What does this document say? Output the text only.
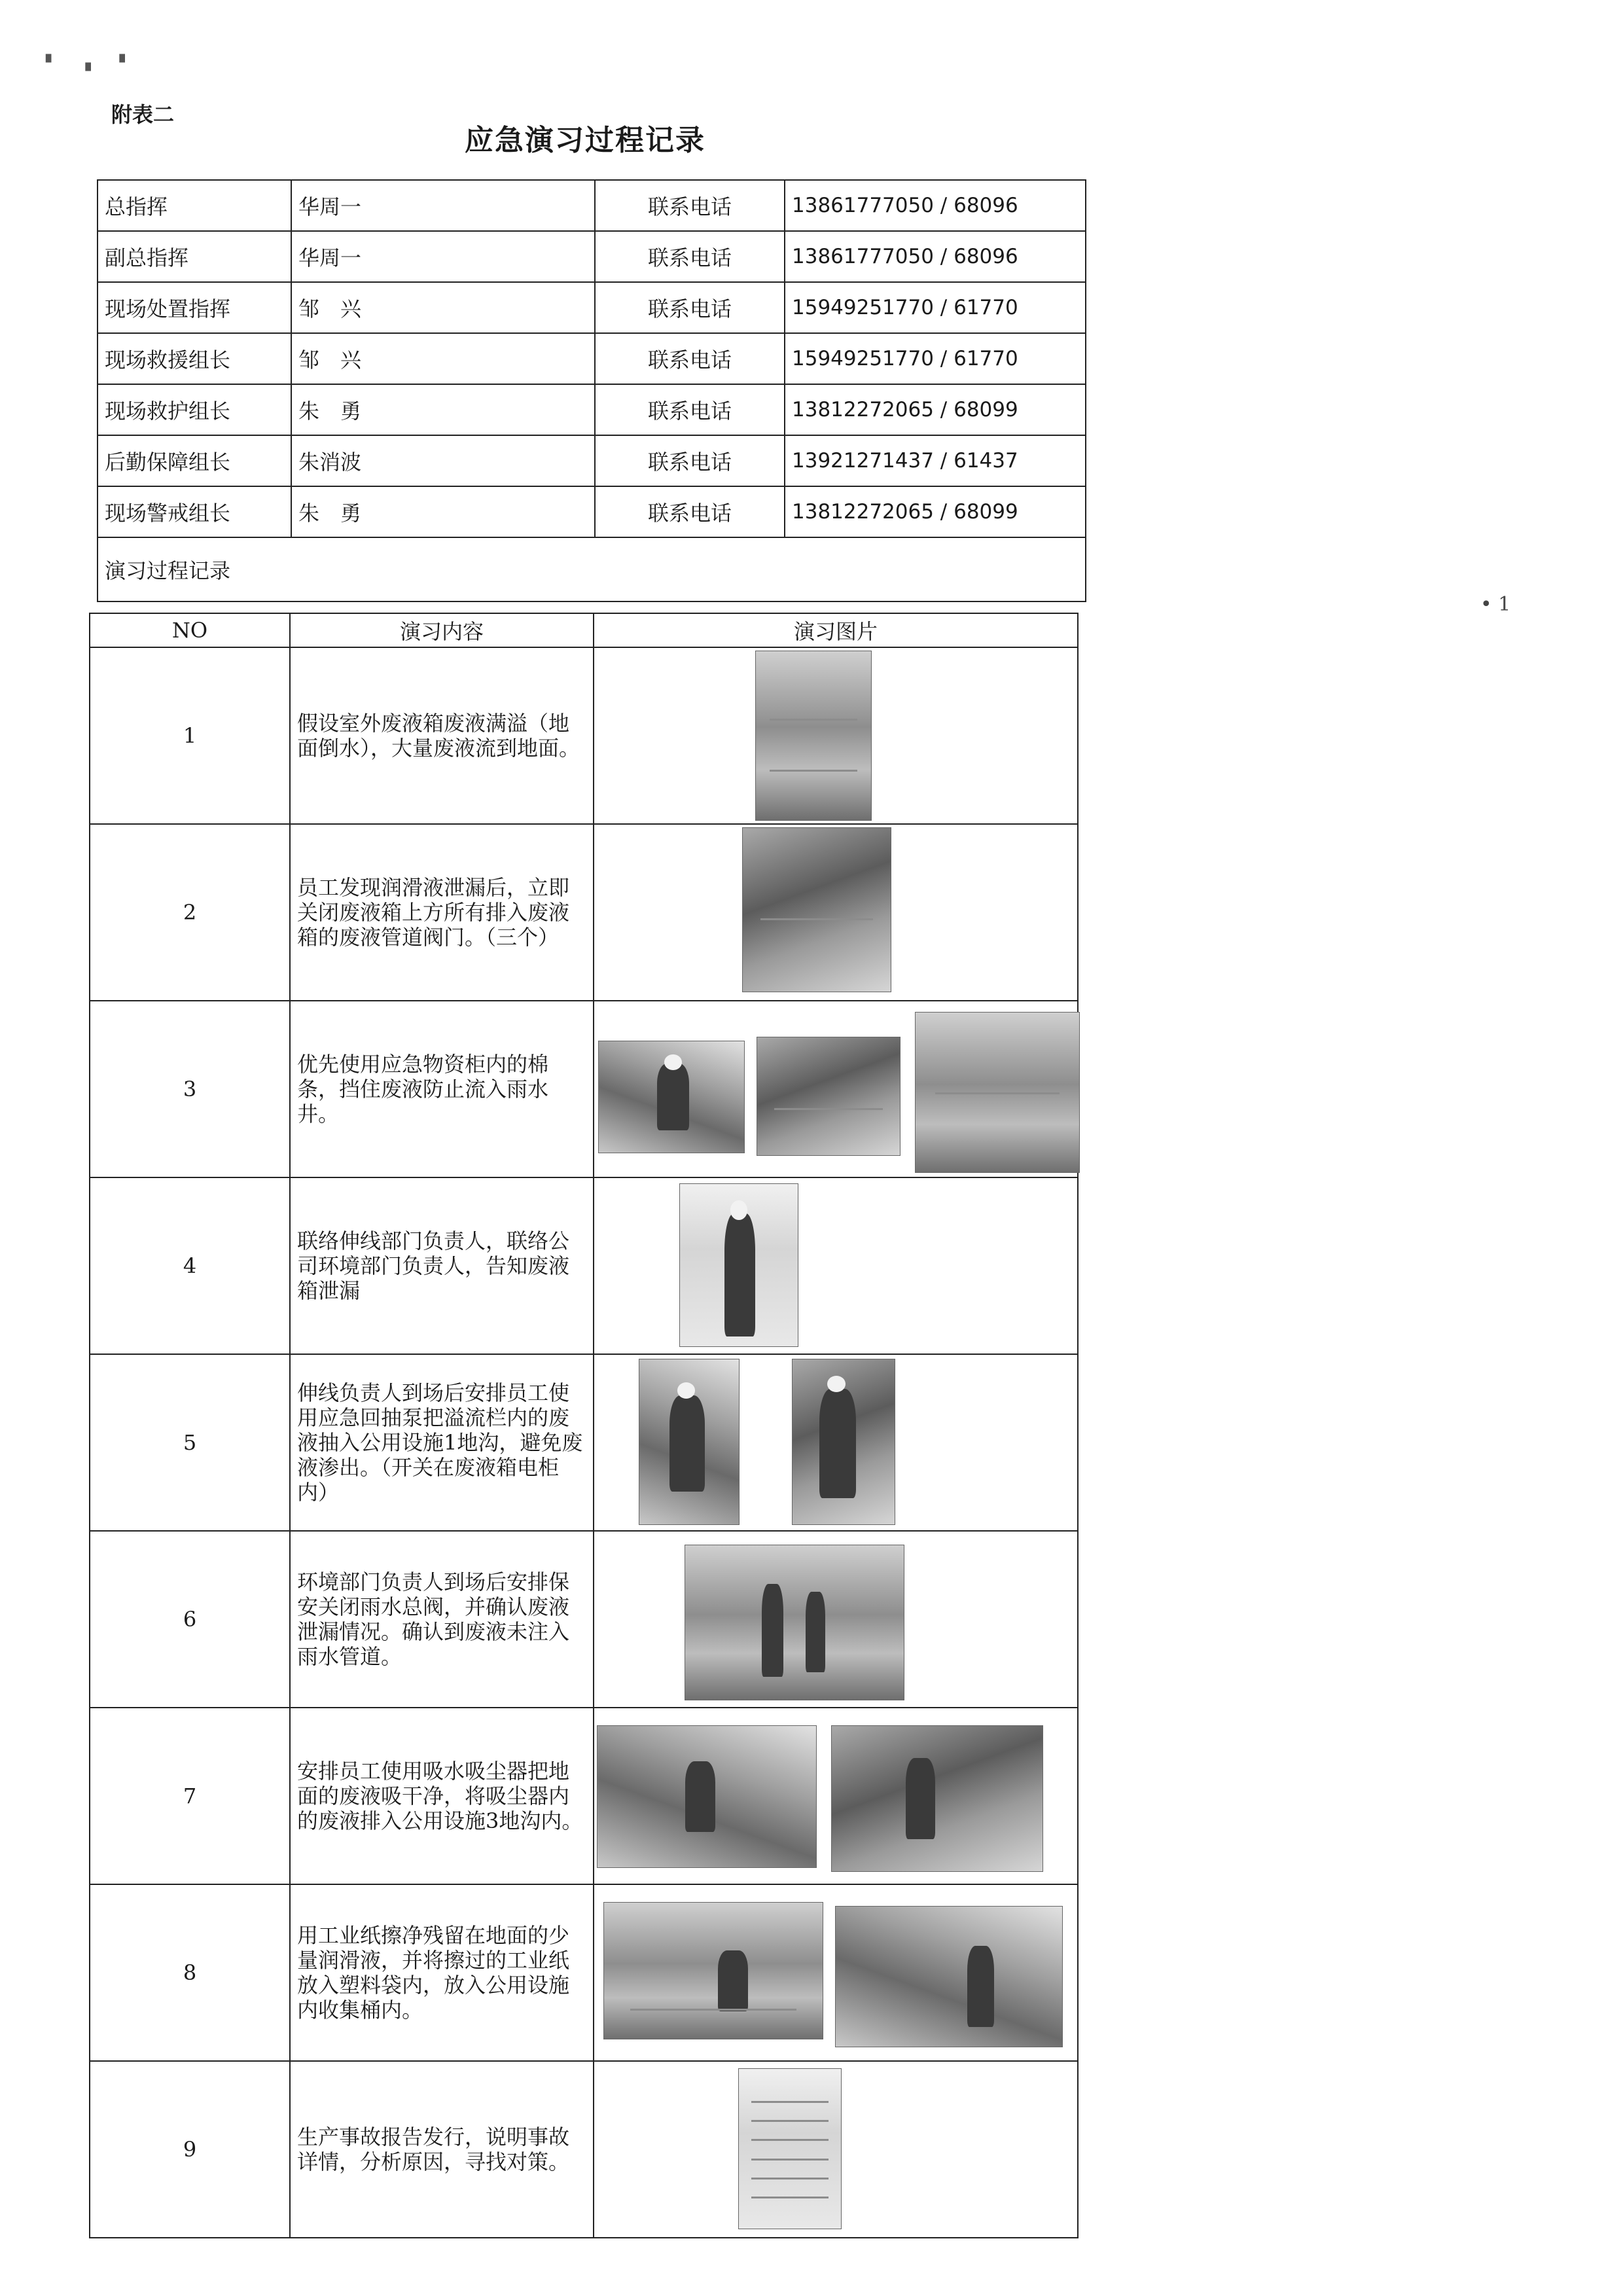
▘ ▗ ▝
附表二
应急演习过程记录
• 1
总指挥	华周一	联系电话	13861777050 / 68096
副总指挥	华周一	联系电话	13861777050 / 68096
现场处置指挥	邹　兴	联系电话	15949251770 / 61770
现场救援组长	邹　兴	联系电话	15949251770 / 61770
现场救护组长	朱　勇	联系电话	13812272065 / 68099
后勤保障组长	朱消波	联系电话	13921271437 / 61437
现场警戒组长	朱　勇	联系电话	13812272065 / 68099
演习过程记录			
NO	演习内容	演习图片
1	假设室外废液箱废液满溢（地面倒水），大量废液流到地面。	

2	员工发现润滑液泄漏后，立即关闭废液箱上方所有排入废液箱的废液管道阀门。（三个）	

3	优先使用应急物资柜内的棉条，挡住废液防止流入雨水井。	

4	联络伸线部门负责人，联络公司环境部门负责人，告知废液箱泄漏	

5	伸线负责人到场后安排员工使用应急回抽泵把溢流栏内的废液抽入公用设施1地沟，避免废液渗出。（开关在废液箱电柜内）	

6	环境部门负责人到场后安排保安关闭雨水总阀，并确认废液泄漏情况。确认到废液未注入雨水管道。	

7	安排员工使用吸水吸尘器把地面的废液吸干净，将吸尘器内的废液排入公用设施3地沟内。	

8	用工业纸擦净残留在地面的少量润滑液，并将擦过的工业纸放入塑料袋内，放入公用设施内收集桶内。	

9	生产事故报告发行，说明事故详情，分析原因，寻找对策。	
